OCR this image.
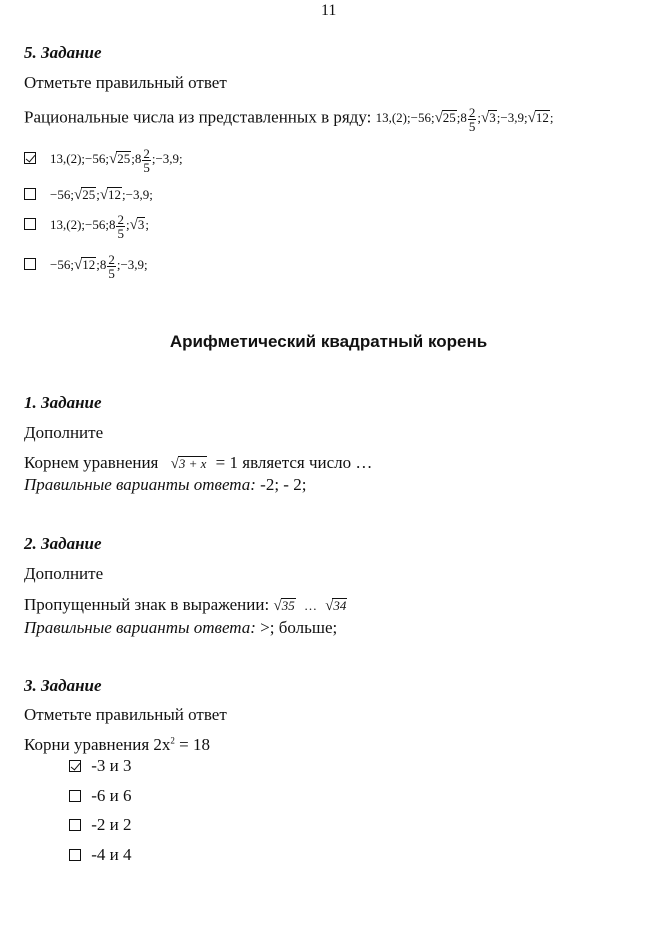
11
5. Задание
Отметьте правильный ответ
Рациональные числа из представленных в ряду: 13,(2);−56;√25;8 $\frac{2}{5}$ ;√3;−3,9;√12;
13,(2);−56;√25;8 $\frac{2}{5}$ ;−3,9;
−56;√25;√12;−3,9;
13,(2);−56;8 $\frac{2}{5}$ ;√3;
−56;√12;8 $\frac{2}{5}$ ;−3,9;
Арифметический квадратный корень
1. Задание
Дополните
Корнем уравнения √3 + x = 1 является число …
Правильные варианты ответа: -2; - 2;
2. Задание
Дополните
Пропущенный знак в выражении: √35 … √34
Правильные варианты ответа: >; больше;
3. Задание
Отметьте правильный ответ
Корни уравнения $2x^2 = 18$
-3 и 3
-6 и 6
-2 и 2
-4 и 4
